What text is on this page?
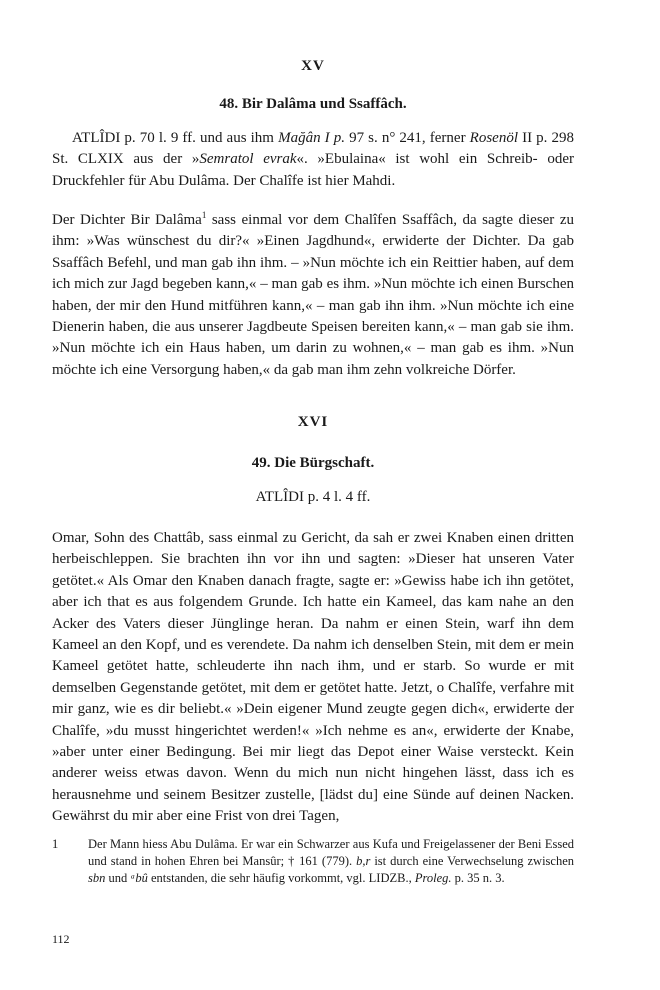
XV
48. Bir Dalâma und Ssaffâch.

ATLÎDI p. 70 l. 9 ff. und aus ihm Mağân I p. 97 s. n° 241, ferner Rosenöl II p. 298 St. CLXIX aus der »Semratol evrak«. »Ebulaina« ist wohl ein Schreib- oder Druckfehler für Abu Dulâma. Der Chalîfe ist hier Mahdi.

Der Dichter Bir Dalâma$^1$ sass einmal vor dem Chalîfen Ssaffâch, da sagte dieser zu ihm: »Was wünschest du dir?« »Einen Jagdhund«, erwiderte der Dichter. Da gab Ssaffâch Befehl, und man gab ihn ihm. – »Nun möchte ich ein Reittier haben, auf dem ich mich zur Jagd begeben kann,« – man gab es ihm. »Nun möchte ich einen Burschen haben, der mir den Hund mitführen kann,« – man gab ihn ihm. »Nun möchte ich eine Dienerin haben, die aus unserer Jagdbeute Speisen bereiten kann,« – man gab sie ihm. »Nun möchte ich ein Haus haben, um darin zu wohnen,« – man gab es ihm. »Nun möchte ich eine Versorgung haben,« da gab man ihm zehn volkreiche Dörfer.

XVI
49. Die Bürgschaft.
ATLÎDI p. 4 l. 4 ff.

Omar, Sohn des Chattâb, sass einmal zu Gericht, da sah er zwei Knaben einen dritten herbeischleppen. Sie brachten ihn vor ihn und sagten: »Dieser hat unseren Vater getötet.« Als Omar den Knaben danach fragte, sagte er: »Gewiss habe ich ihn getötet, aber ich that es aus folgendem Grunde. Ich hatte ein Kameel, das kam nahe an den Acker des Vaters dieser Jünglinge heran. Da nahm er einen Stein, warf ihn dem Kameel an den Kopf, und es verendete. Da nahm ich denselben Stein, mit dem er mein Kameel getötet hatte, schleuderte ihn nach ihm, und er starb. So wurde er mit demselben Gegenstande getötet, mit dem er getötet hatte. Jetzt, o Chalîfe, verfahre mit mir ganz, wie es dir beliebt.« »Dein eigener Mund zeugte gegen dich«, erwiderte der Chalîfe, »du musst hingerichtet werden!« »Ich nehme es an«, erwiderte der Knabe, »aber unter einer Bedingung. Bei mir liegt das Depot einer Waise versteckt. Kein anderer weiss etwas davon. Wenn du mich nun nicht hingehen lässt, dass ich es herausnehme und seinem Besitzer zustelle, [lädst du] eine Sünde auf deinen Nacken. Gewährst du mir aber eine Frist von drei Tagen,

1 Der Mann hiess Abu Dulâma. Er war ein Schwarzer aus Kufa und Freigelassener der Beni Essed und stand in hohen Ehren bei Mansûr; † 161 (779). b,r ist durch eine Verwechselung zwischen sbn und ᵃbû entstanden, die sehr häufig vorkommt, vgl. LIDZB., Proleg. p. 35 n. 3.
112
